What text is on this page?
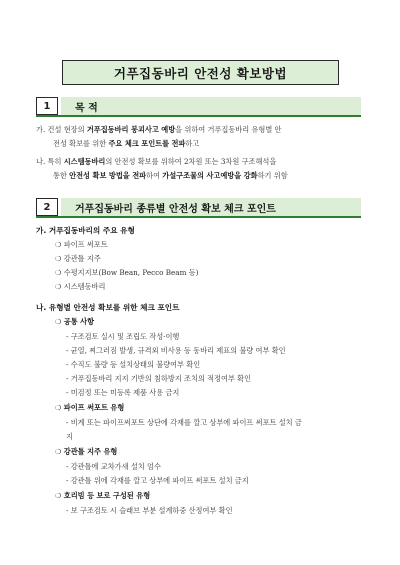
거푸집동바리 안전성 확보방법
1	목 적
가. 건설 현장의 거푸집동바리 붕괴사고 예방을 위하여 거푸집동바리 유형별 안
전성 확보를 위한 주요 체크 포인트를 전파하고
나. 특히 시스템동바리의 안전성 확보를 위하여 2차원 또는 3차원 구조해석을
통한 안전성 확보 방법을 전파하여 가설구조물의 사고예방을 강화하기 위함
2	거푸집동바리 종류별 안전성 확보 체크 포인트
가. 거푸집동바리의 주요 유형
❍ 파이프 써포트
❍ 강관틀 지주
❍ 수평지지보(Bow Bean, Pecco Beam 등)
❍ 시스템동바리
나. 유형별 안전성 확보를 위한 체크 포인트
❍ 공통 사항
- 구조검토 실시 및 조립도 작성·이행
- 균열, 찌그러짐 발생, 규격외 비사용 등 동바리 제표의 불량 여부 확인
- 수직도 불량 등 설치상태의 불량여부 확인
- 거푸집동바리 지지 기반의 침하방지 조치의 적정여부 확인
- 미검정 또는 미등록 제품 사용 금지
❍ 파이프 써포트 유형
- 비계 또는 파이프써포트 상단에 각재를 깔고 상부에 파이프 써포트 설치 금
지
❍ 강관틀 지주 유형
- 강관틀에 교차가새 설치 엄수
- 강관틀 위에 각재를 깔고 상부에 파이프 써포트 설치 금지
❍ 호리빔 등 보로 구성된 유형
- 보 구조검토 시 슬래브 부분 설계하중 산정여부 확인
